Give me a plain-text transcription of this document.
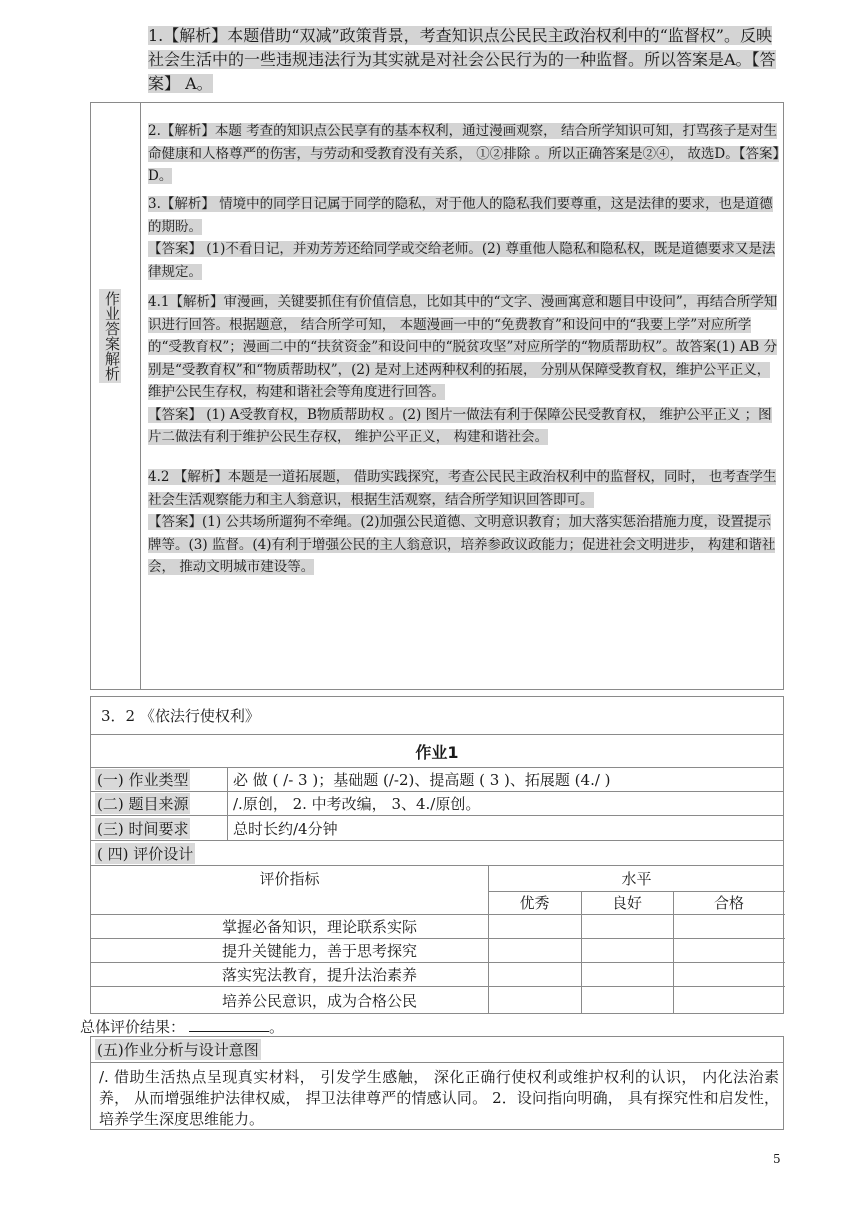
作业答案解析
1.【解析】本题借助“双减”政策背景，考查知识点公民民主政治权利中的“监督权”。反映社会生活中的一些违规违法行为其实就是对社会公民行为的一种监督。所以答案是A。【答案】 A。
2.【解析】本题 考查的知识点公民享有的基本权利，通过漫画观察， 结合所学知识可知，打骂孩子是对生命健康和人格尊严的伤害，与劳动和受教育没有关系， ①②排除 。所以正确答案是②④， 故选D。【答案】D。
3.【解析】 情境中的同学日记属于同学的隐私，对于他人的隐私我们要尊重，这是法律的要求，也是道德的期盼。
【答案】 (1)不看日记，并劝芳芳还给同学或交给老师。(2) 尊重他人隐私和隐私权，既是道德要求又是法律规定。
4.1【解析】审漫画，关键要抓住有价值信息，比如其中的“文字、漫画寓意和题目中设问”，再结合所学知识进行回答。根据题意， 结合所学可知， 本题漫画一中的“免费教育”和设问中的“我要上学”对应所学的“受教育权”；漫画二中的“扶贫资金”和设问中的“脱贫攻坚”对应所学的“物质帮助权”。故答案(1) AB 分别是“受教育权”和“物质帮助权”，(2) 是对上述两种权利的拓展， 分别从保障受教育权，维护公平正义，维护公民生存权，构建和谐社会等角度进行回答。
【答案】 (1) A受教育权，B物质帮助权 。(2) 图片一做法有利于保障公民受教育权， 维护公平正义 ；图片二做法有利于维护公民生存权， 维护公平正义， 构建和谐社会。
4.2 【解析】本题是一道拓展题， 借助实践探究，考查公民民主政治权利中的监督权，同时， 也考查学生社会生活观察能力和主人翁意识，根据生活观察，结合所学知识回答即可。
【答案】(1) 公共场所遛狗不牵绳。(2)加强公民道德、文明意识教育；加大落实惩治措施力度，设置提示牌等。(3) 监督。(4)有利于增强公民的主人翁意识，培养参政议政能力；促进社会文明进步， 构建和谐社会， 推动文明城市建设等。
3．2 《依法行使权利》
作业1
(一) 作业类型	必 做 ( /- 3 )；基础题 (/-2)、提高题 ( 3 )、拓展题 (4./ )
(二) 题目来源	/.原创， 2. 中考改编， 3、4./原创。
(三) 时间要求	总时长约/4分钟
( 四) 评价设计
评价指标	水平
优秀	良好	合格
掌握必备知识，理论联系实际
提升关键能力，善于思考探究
落实宪法教育，提升法治素养
培养公民意识，成为合格公民
总体评价结果：	。
(五)作业分析与设计意图
/. 借助生活热点呈现真实材料， 引发学生感触， 深化正确行使权利或维护权利的认识， 内化法治素养， 从而增强维护法律权威， 捍卫法律尊严的情感认同。 2．设问指向明确， 具有探究性和启发性，培养学生深度思维能力。
5
